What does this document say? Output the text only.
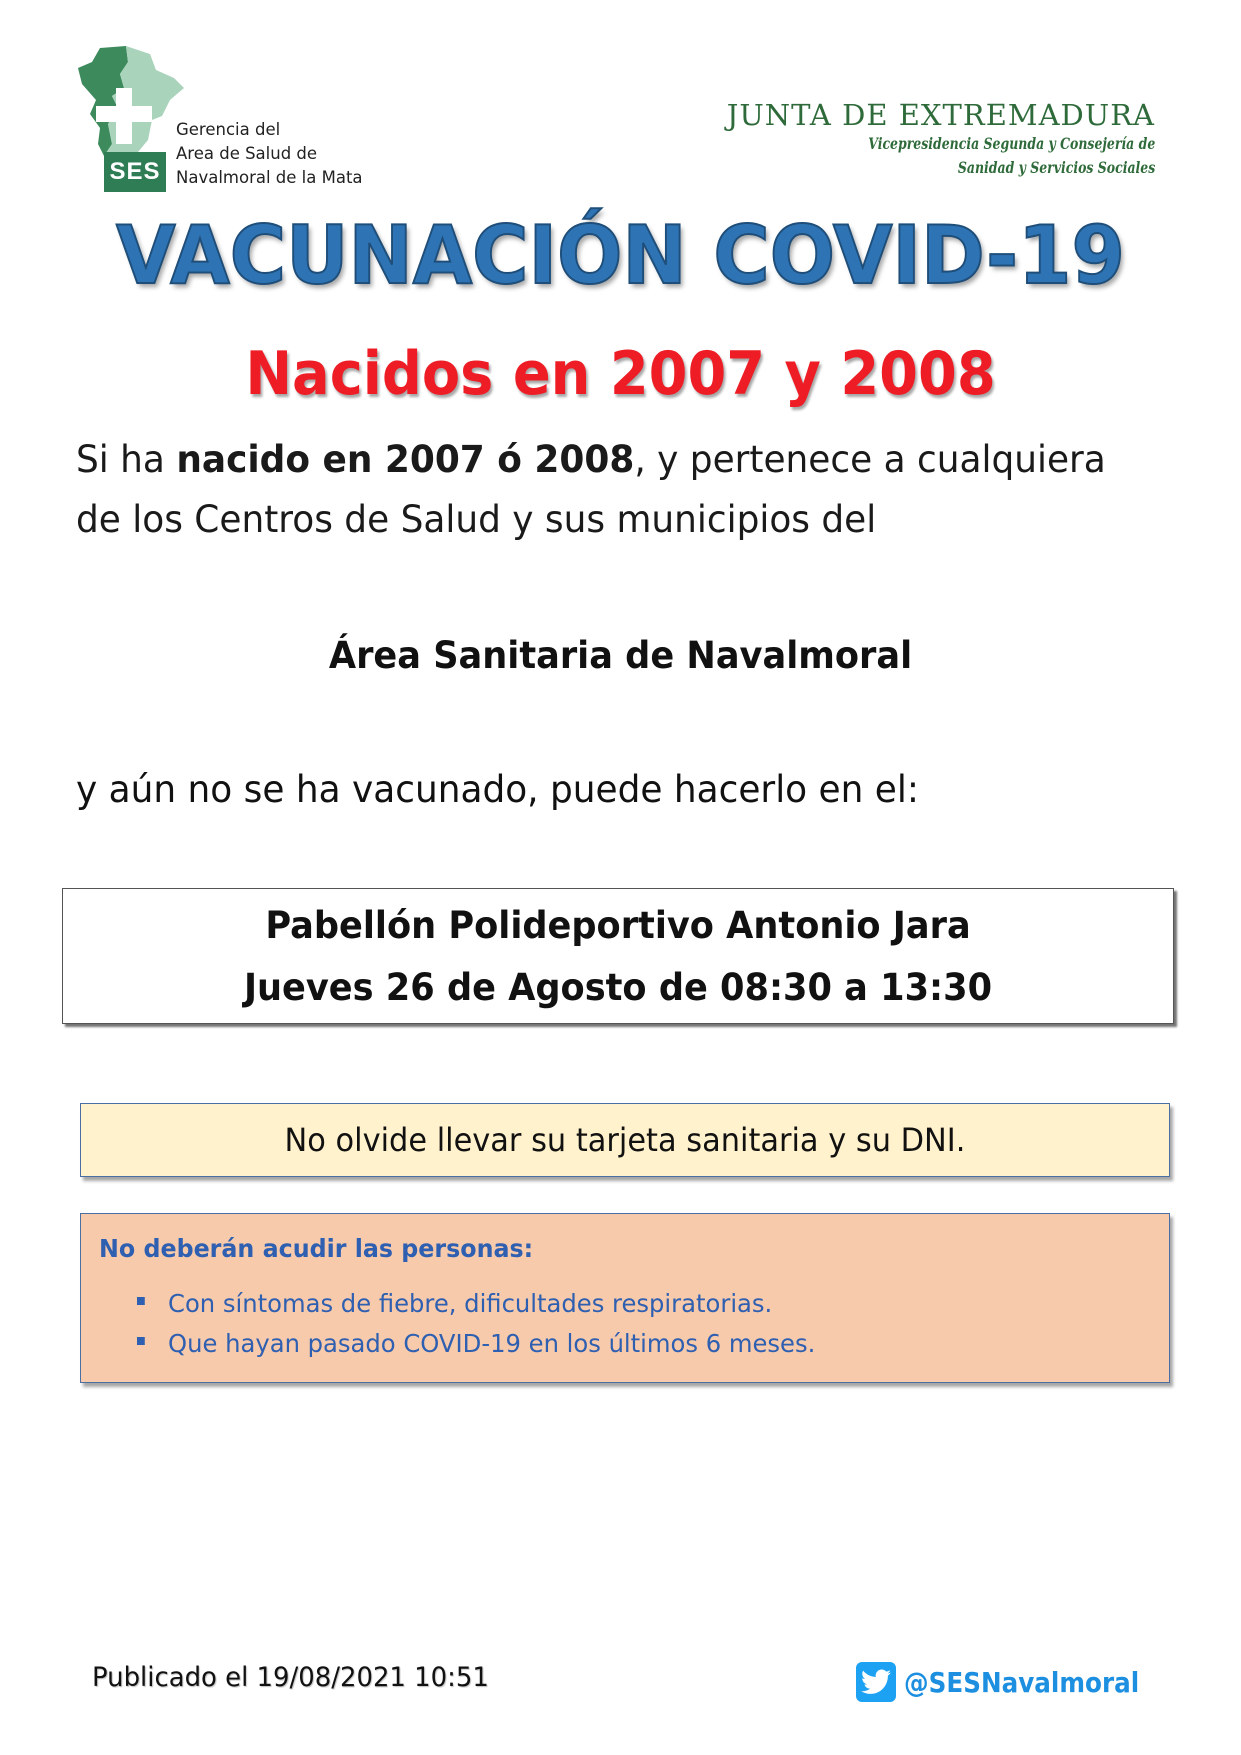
SES
Gerencia del
Area de Salud de
Navalmoral de la Mata
JUNTA DE EXTREMADURA
Vicepresidencia Segunda y Consejería de
Sanidad y Servicios Sociales
VACUNACIÓN COVID-19
Nacidos en 2007 y 2008
Si ha nacido en 2007 ó 2008, y pertenece a cualquiera de los Centros de Salud y sus municipios del
Área Sanitaria de Navalmoral
y aún no se ha vacunado, puede hacerlo en el:
Pabellón Polideportivo Antonio Jara
Jueves 26 de Agosto de 08:30 a 13:30
No olvide llevar su tarjeta sanitaria y su DNI.
No deberán acudir las personas:
Con síntomas de fiebre, dificultades respiratorias.
Que hayan pasado COVID-19 en los últimos 6 meses.
Publicado el 19/08/2021 10:51	@SESNavalmoral
